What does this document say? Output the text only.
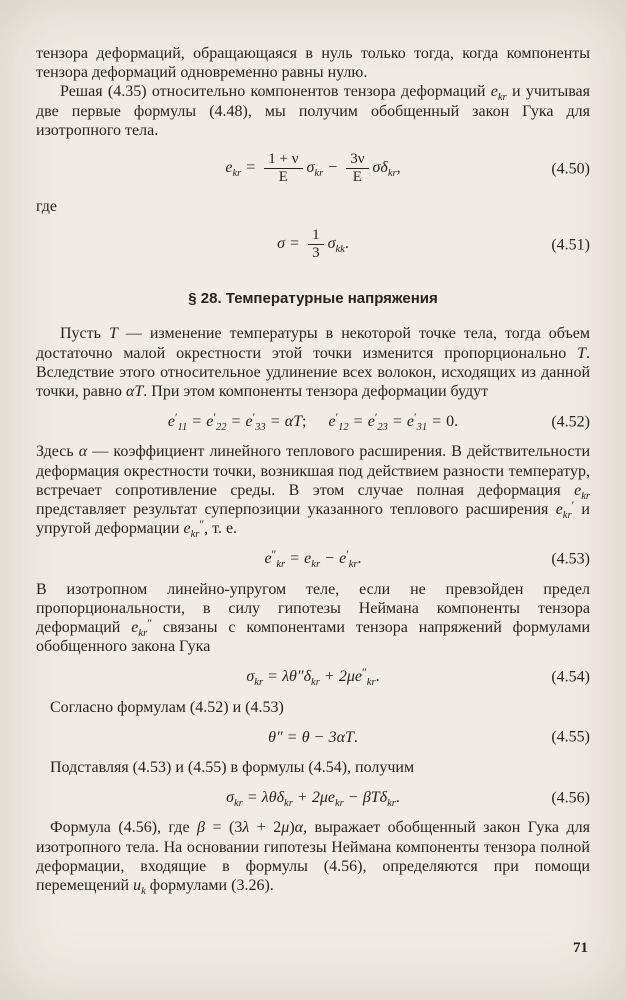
тензора деформаций, обращающаяся в нуль только тогда, когда компоненты тензора деформаций одновременно равны нулю.

Решая (4.35) относительно компонентов тензора деформаций $e_{kr}$ и учитывая две первые формулы (4.48), мы получим обобщенный закон Гука для изотропного тела.

$e_{kr} = \frac{1 + \nu}{E} \sigma_{kr} - \frac{3\nu}{E} \sigma\delta_{kr}$,	(4.50)

где

$\sigma = \frac{1}{3} \sigma_{kk}$.	(4.51)

§ 28. Температурные напряжения

Пусть T — изменение температуры в некоторой точке тела, тогда объем достаточно малой окрестности этой точки изменится пропорционально T. Вследствие этого относительное удлинение всех волокон, исходящих из данной точки, равно αT. При этом компоненты тензора деформации будут

$e'_{11} = e'_{22} = e'_{33} = \alpha T$; $e'_{12} = e'_{23} = e'_{31} = 0$.	(4.52)

Здесь α — коэффициент линейного теплового расширения. В действительности деформация окрестности точки, возникшая под действием разности температур, встречает сопротивление среды. В этом случае полная деформация $e_{kr}$ представляет результат суперпозиции указанного теплового расширения $e_{kr}'$ и упругой деформации $e_{kr}''$, т. е.

$e''_{kr} = e_{kr} - e'_{kr}$.	(4.53)

В изотропном линейно-упругом теле, если не превзойден предел пропорциональности, в силу гипотезы Неймана компоненты тензора деформаций $e_{kr}''$ связаны с компонентами тензора напряжений формулами обобщенного закона Гука

$\sigma_{kr} = \lambda\theta''\delta_{kr} + 2\mu e''_{kr}$.	(4.54)

Согласно формулам (4.52) и (4.53)

θ″ = θ − 3αT.	(4.55)

Подставляя (4.53) и (4.55) в формулы (4.54), получим

$\sigma_{kr} = \lambda\theta\delta_{kr} + 2\mu e_{kr} - \beta T\delta_{kr}$.	(4.56)

Формула (4.56), где β = (3λ + 2μ)α, выражает обобщенный закон Гука для изотропного тела. На основании гипотезы Неймана компоненты тензора полной деформации, входящие в формулы (4.56), определяются при помощи перемещений $u_k$ формулами (3.26).

71
